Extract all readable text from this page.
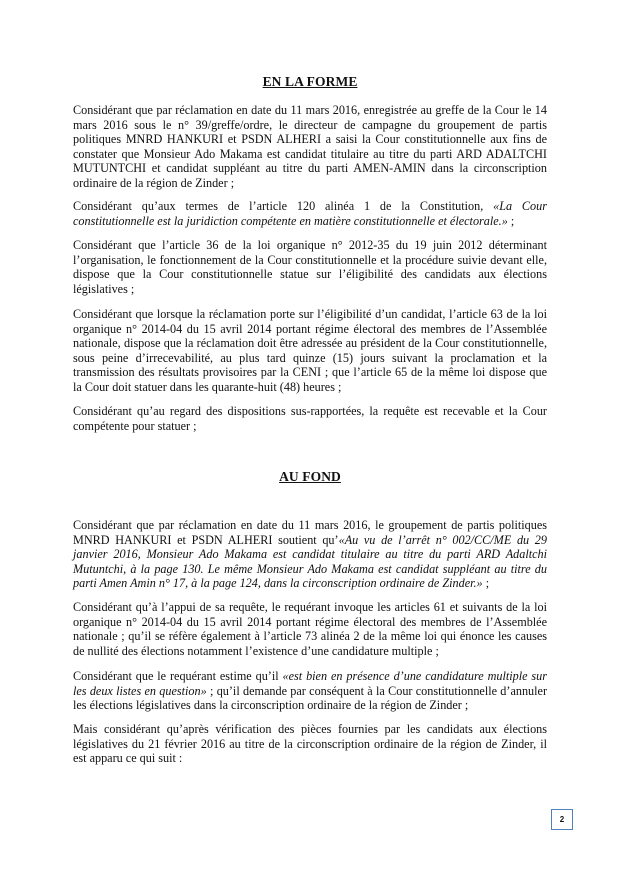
EN LA FORME

Considérant que par réclamation en date du 11 mars 2016, enregistrée au greffe de la Cour le 14 mars 2016 sous le n° 39/greffe/ordre, le directeur de campagne du groupement de partis politiques MNRD HANKURI et PSDN ALHERI a saisi la Cour constitutionnelle aux fins de constater que Monsieur Ado Makama est candidat titulaire au titre du parti ARD ADALTCHI MUTUNTCHI et candidat suppléant au titre du parti AMEN-AMIN dans la circonscription ordinaire de la région de Zinder ;

Considérant qu’aux termes de l’article 120 alinéa 1 de la Constitution, «La Cour constitutionnelle est la juridiction compétente en matière constitutionnelle et électorale.» ;

Considérant que l’article 36 de la loi organique n° 2012-35 du 19 juin 2012 déterminant l’organisation, le fonctionnement de la Cour constitutionnelle et la procédure suivie devant elle, dispose que la Cour constitutionnelle statue sur l’éligibilité des candidats aux élections législatives ;

Considérant que lorsque la réclamation porte sur l’éligibilité d’un candidat, l’article 63 de la loi organique n° 2014-04 du 15 avril 2014 portant régime électoral des membres de l’Assemblée nationale, dispose que la réclamation doit être adressée au président de la Cour constitutionnelle, sous peine d’irrecevabilité, au plus tard quinze (15) jours suivant la proclamation et la transmission des résultats provisoires par la CENI ; que l’article 65 de la même loi dispose que la Cour doit statuer dans les quarante-huit (48) heures ;

Considérant qu’au regard des dispositions sus-rapportées, la requête est recevable et la Cour compétente pour statuer ;

AU FOND

Considérant que par réclamation en date du 11 mars 2016, le groupement de partis politiques MNRD HANKURI et PSDN ALHERI soutient qu’«Au vu de l’arrêt n° 002/CC/ME du 29 janvier 2016, Monsieur Ado Makama est candidat titulaire au titre du parti ARD Adaltchi Mutuntchi, à la page 130. Le même Monsieur Ado Makama est candidat suppléant au titre du parti Amen Amin n° 17, à la page 124, dans la circonscription ordinaire de Zinder.» ;

Considérant qu’à l’appui de sa requête, le requérant invoque les articles 61 et suivants de la loi organique n° 2014-04 du 15 avril 2014 portant régime électoral des membres de l’Assemblée nationale ; qu’il se réfère également à l’article 73 alinéa 2 de la même loi qui énonce les causes de nullité des élections notamment l’existence d’une candidature multiple ;

Considérant que le requérant estime qu’il «est bien en présence d’une candidature multiple sur les deux listes en question» ; qu’il demande par conséquent à la Cour constitutionnelle d’annuler les élections législatives dans la circonscription ordinaire de la région de Zinder ;

Mais considérant qu’après vérification des pièces fournies par les candidats aux élections législatives du 21 février 2016 au titre de la circonscription ordinaire de la région de Zinder, il est apparu ce qui suit :

2
